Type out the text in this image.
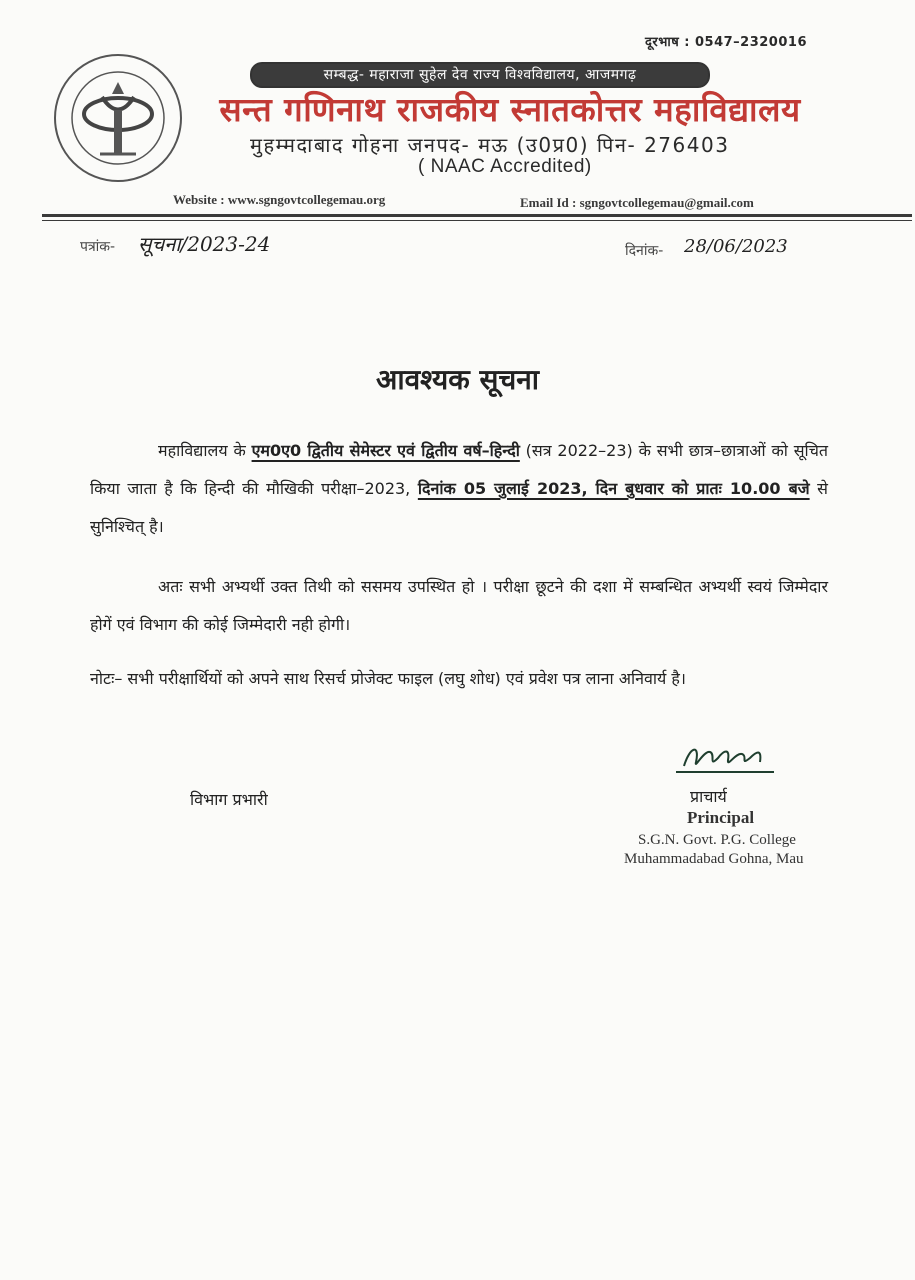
दूरभाष : 0547–2320016
सम्बद्ध- महाराजा सुहेल देव राज्य विश्वविद्यालय, आजमगढ़
सन्त गणिनाथ राजकीय स्नातकोत्तर महाविद्यालय
मुहम्मदाबाद गोहना जनपद- मऊ (उ0प्र0) पिन- 276403
( NAAC Accredited)
Website : www.sgngovtcollegemau.org	Email Id : sgngovtcollegemau@gmail.com
पत्रांक- सूचना/2023-24	दिनांक- 28/06/2023
आवश्यक सूचना
महाविद्यालय के एम0ए0 द्वितीय सेमेस्टर एवं द्वितीय वर्ष–हिन्दी (सत्र 2022–23) के सभी छात्र–छात्राओं को सूचित किया जाता है कि हिन्दी की मौखिकी परीक्षा–2023, दिनांक 05 जुलाई 2023, दिन बुधवार को प्रातः 10.00 बजे से सुनिश्चित् है।
अतः सभी अभ्यर्थी उक्त तिथी को ससमय उपस्थित हो । परीक्षा छूटने की दशा में सम्बन्धित अभ्यर्थी स्वयं जिम्मेदार होगें एवं विभाग की कोई जिम्मेदारी नही होगी।
नोटः– सभी परीक्षार्थियों को अपने साथ रिसर्च प्रोजेक्ट फाइल (लघु शोध) एवं प्रवेश पत्र लाना अनिवार्य है।
विभाग प्रभारी	प्राचार्य
Principal
S.G.N. Govt. P.G. College
Muhammadabad Gohna, Mau
